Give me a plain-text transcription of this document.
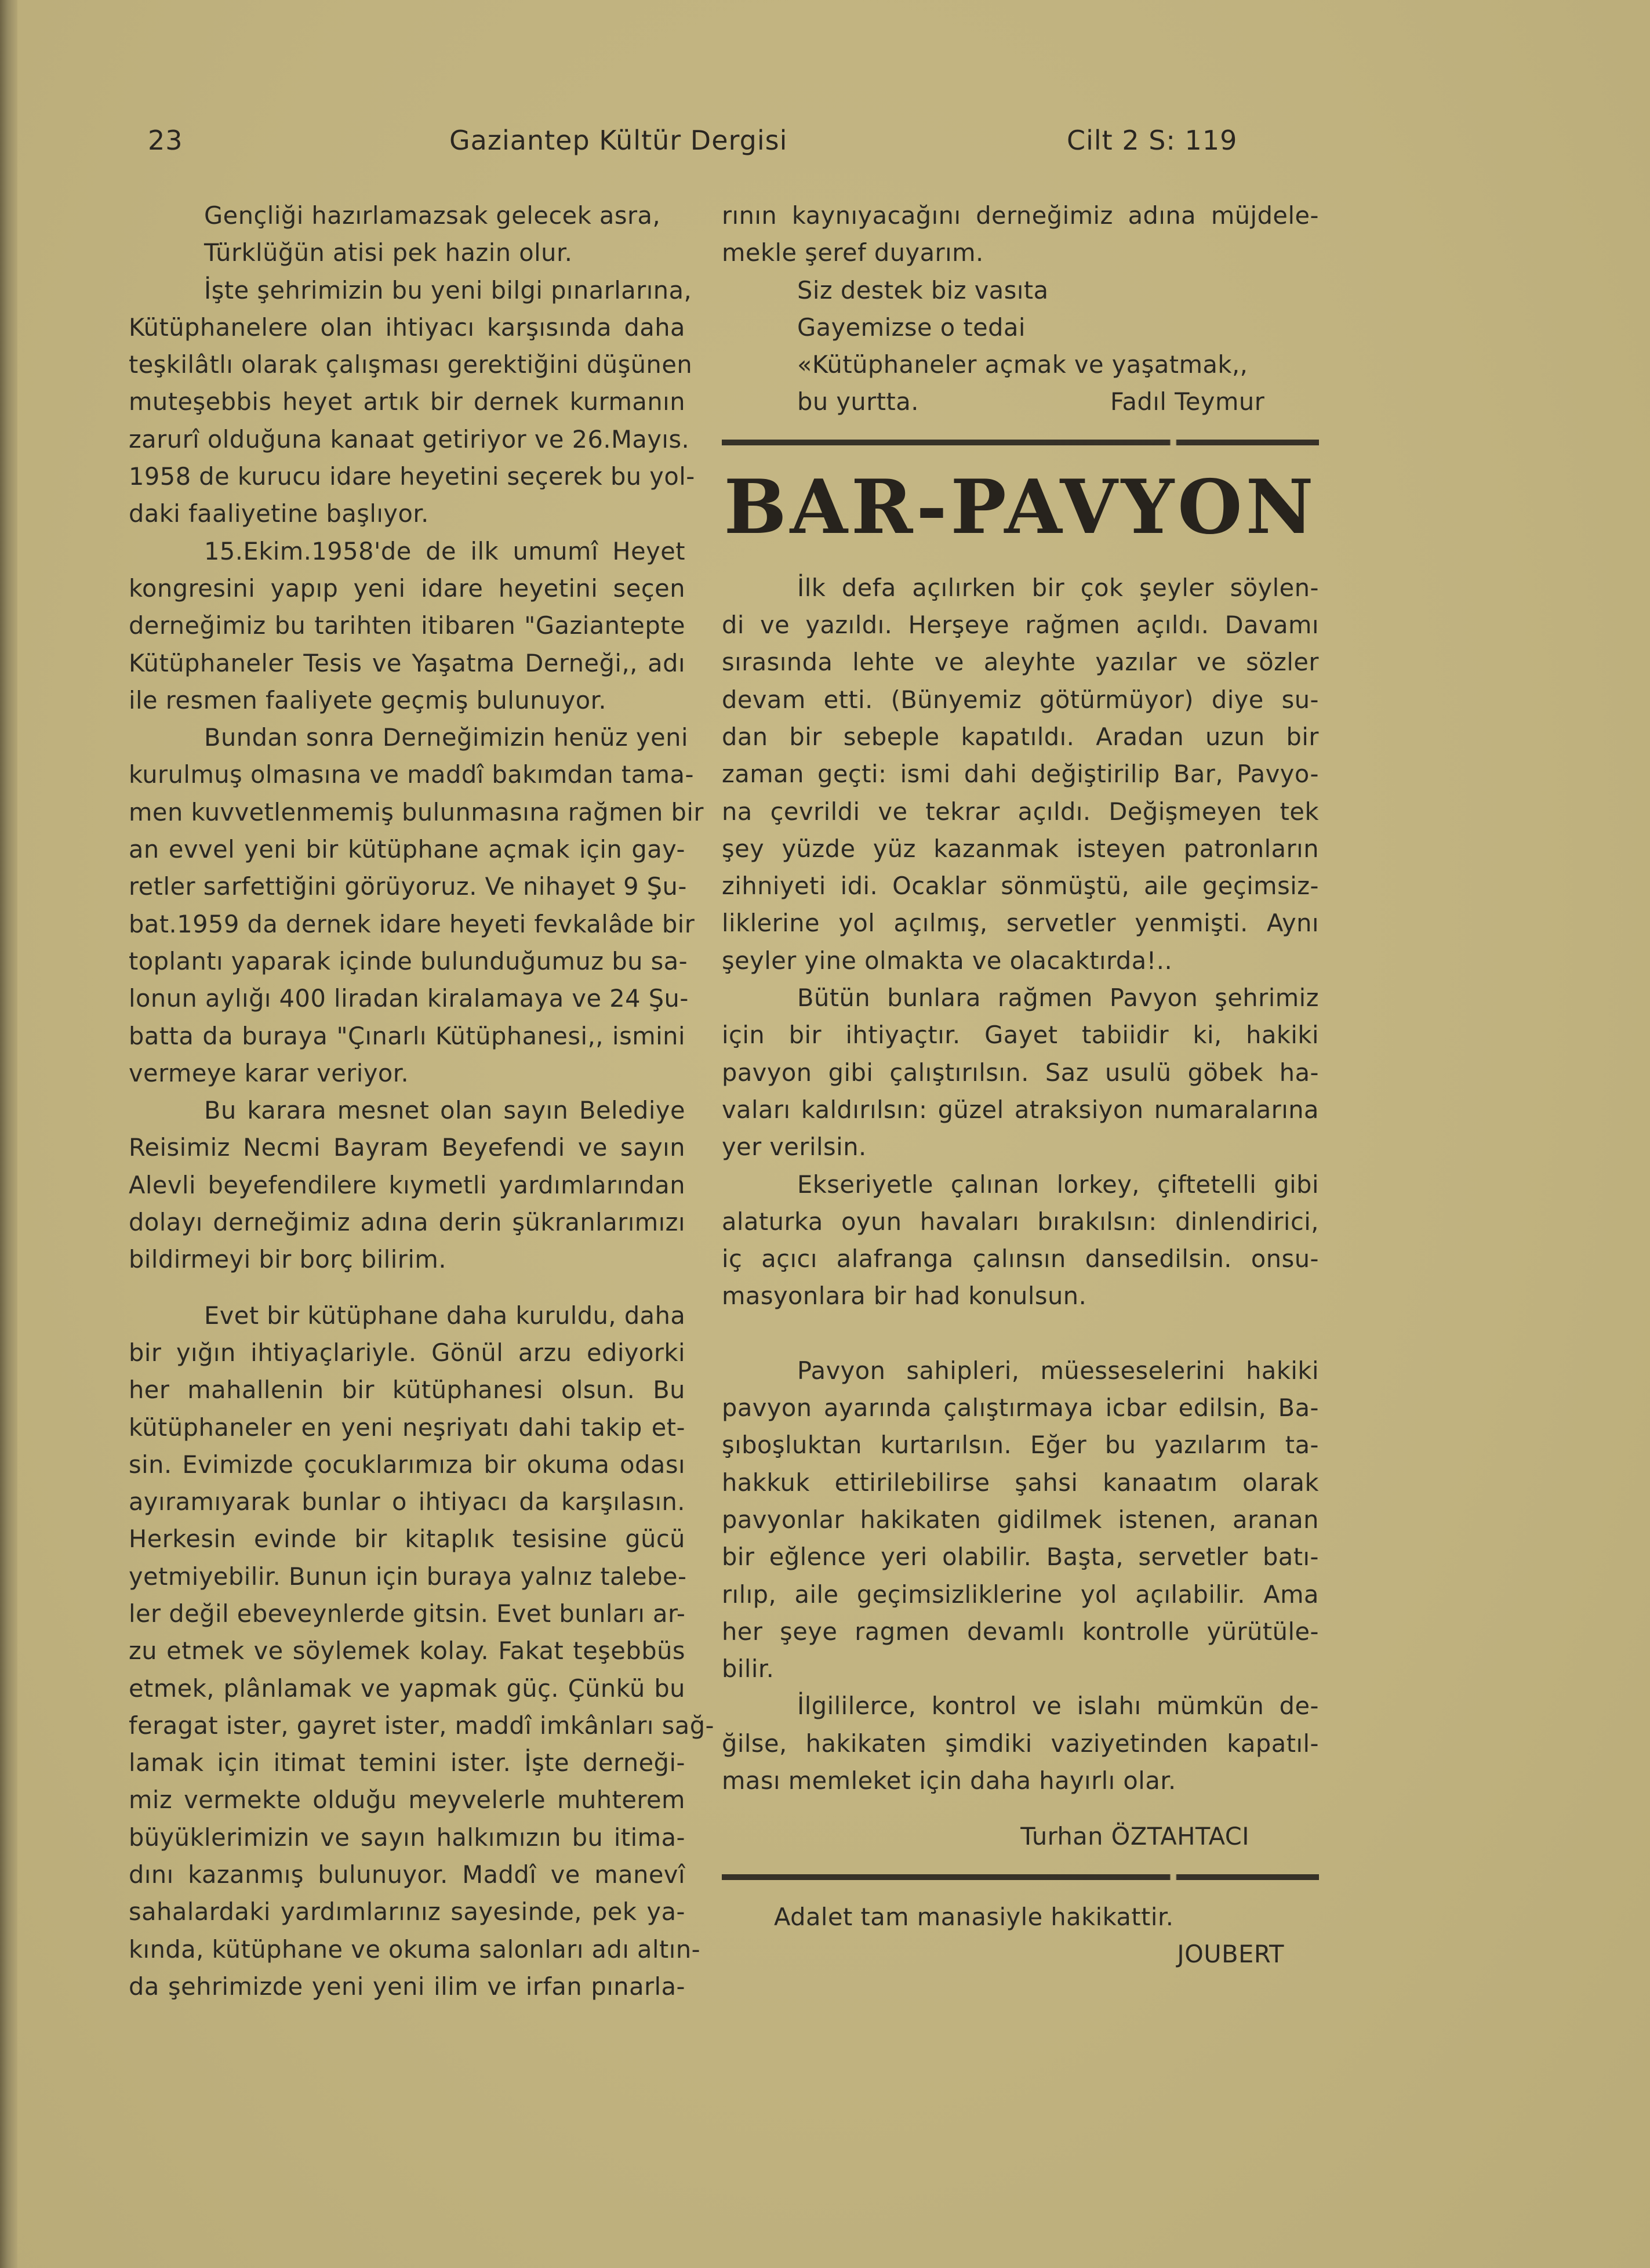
23	Gaziantep Kültür Dergisi	Cilt 2 S: 119
Gençliği hazırlamazsak gelecek asra,
Türklüğün atisi pek hazin olur.
İşte şehrimizin bu yeni bilgi pınarlarına,
Kütüphanelere olan ihtiyacı karşısında daha
teşkilâtlı olarak çalışması gerektiğini düşünen
muteşebbis heyet artık bir dernek kurmanın
zarurî olduğuna kanaat getiriyor ve 26.Mayıs.
1958 de kurucu idare heyetini seçerek bu yol-
daki faaliyetine başlıyor.
15.Ekim.1958'de de ilk umumî Heyet
kongresini yapıp yeni idare heyetini seçen
derneğimiz bu tarihten itibaren "Gaziantepte
Kütüphaneler Tesis ve Yaşatma Derneği,, adı
ile resmen faaliyete geçmiş bulunuyor.
Bundan sonra Derneğimizin henüz yeni
kurulmuş olmasına ve maddî bakımdan tama-
men kuvvetlenmemiş bulunmasına rağmen bir
an evvel yeni bir kütüphane açmak için gay-
retler sarfettiğini görüyoruz. Ve nihayet 9 Şu-
bat.1959 da dernek idare heyeti fevkalâde bir
toplantı yaparak içinde bulunduğumuz bu sa-
lonun aylığı 400 liradan kiralamaya ve 24 Şu-
batta da buraya "Çınarlı Kütüphanesi,, ismini
vermeye karar veriyor.
Bu karara mesnet olan sayın Belediye
Reisimiz Necmi Bayram Beyefendi ve sayın
Alevli beyefendilere kıymetli yardımlarından
dolayı derneğimiz adına derin şükranlarımızı
bildirmeyi bir borç bilirim.
Evet bir kütüphane daha kuruldu, daha
bir yığın ihtiyaçlariyle. Gönül arzu ediyorki
her mahallenin bir kütüphanesi olsun. Bu
kütüphaneler en yeni neşriyatı dahi takip et-
sin. Evimizde çocuklarımıza bir okuma odası
ayıramıyarak bunlar o ihtiyacı da karşılasın.
Herkesin evinde bir kitaplık tesisine gücü
yetmiyebilir. Bunun için buraya yalnız talebe-
ler değil ebeveynlerde gitsin. Evet bunları ar-
zu etmek ve söylemek kolay. Fakat teşebbüs
etmek, plânlamak ve yapmak güç. Çünkü bu
feragat ister, gayret ister, maddî imkânları sağ-
lamak için itimat temini ister. İşte derneği-
miz vermekte olduğu meyvelerle muhterem
büyüklerimizin ve sayın halkımızın bu itima-
dını kazanmış bulunuyor. Maddî ve manevî
sahalardaki yardımlarınız sayesinde, pek ya-
kında, kütüphane ve okuma salonları adı altın-
da şehrimizde yeni yeni ilim ve irfan pınarla-
rının kaynıyacağını derneğimiz adına müjdele-
mekle şeref duyarım.
Siz destek biz vasıta
Gayemizse o tedai
«Kütüphaneler açmak ve yaşatmak,,
bu yurtta.	Fadıl Teymur
BAR-PAVYON
İlk defa açılırken bir çok şeyler söylen-
di ve yazıldı. Herşeye rağmen açıldı. Davamı
sırasında lehte ve aleyhte yazılar ve sözler
devam etti. (Bünyemiz götürmüyor) diye su-
dan bir sebeple kapatıldı. Aradan uzun bir
zaman geçti: ismi dahi değiştirilip Bar, Pavyo-
na çevrildi ve tekrar açıldı. Değişmeyen tek
şey yüzde yüz kazanmak isteyen patronların
zihniyeti idi. Ocaklar sönmüştü, aile geçimsiz-
liklerine yol açılmış, servetler yenmişti. Aynı
şeyler yine olmakta ve olacaktırda!..
Bütün bunlara rağmen Pavyon şehrimiz
için bir ihtiyaçtır. Gayet tabiidir ki, hakiki
pavyon gibi çalıştırılsın. Saz usulü göbek ha-
vaları kaldırılsın: güzel atraksiyon numaralarına
yer verilsin.
Ekseriyetle çalınan lorkey, çiftetelli gibi
alaturka oyun havaları bırakılsın: dinlendirici,
iç açıcı alafranga çalınsın dansedilsin. onsu-
masyonlara bir had konulsun.
Pavyon sahipleri, müesseselerini hakiki
pavyon ayarında çalıştırmaya icbar edilsin, Ba-
şıboşluktan kurtarılsın. Eğer bu yazılarım ta-
hakkuk ettirilebilirse şahsi kanaatım olarak
pavyonlar hakikaten gidilmek istenen, aranan
bir eğlence yeri olabilir. Başta, servetler batı-
rılıp, aile geçimsizliklerine yol açılabilir. Ama
her şeye ragmen devamlı kontrolle yürütüle-
bilir.
İlgililerce, kontrol ve islahı mümkün de-
ğilse, hakikaten şimdiki vaziyetinden kapatıl-
ması memleket için daha hayırlı olar.
Turhan ÖZTAHTACI
Adalet tam manasiyle hakikattir.
JOUBERT
